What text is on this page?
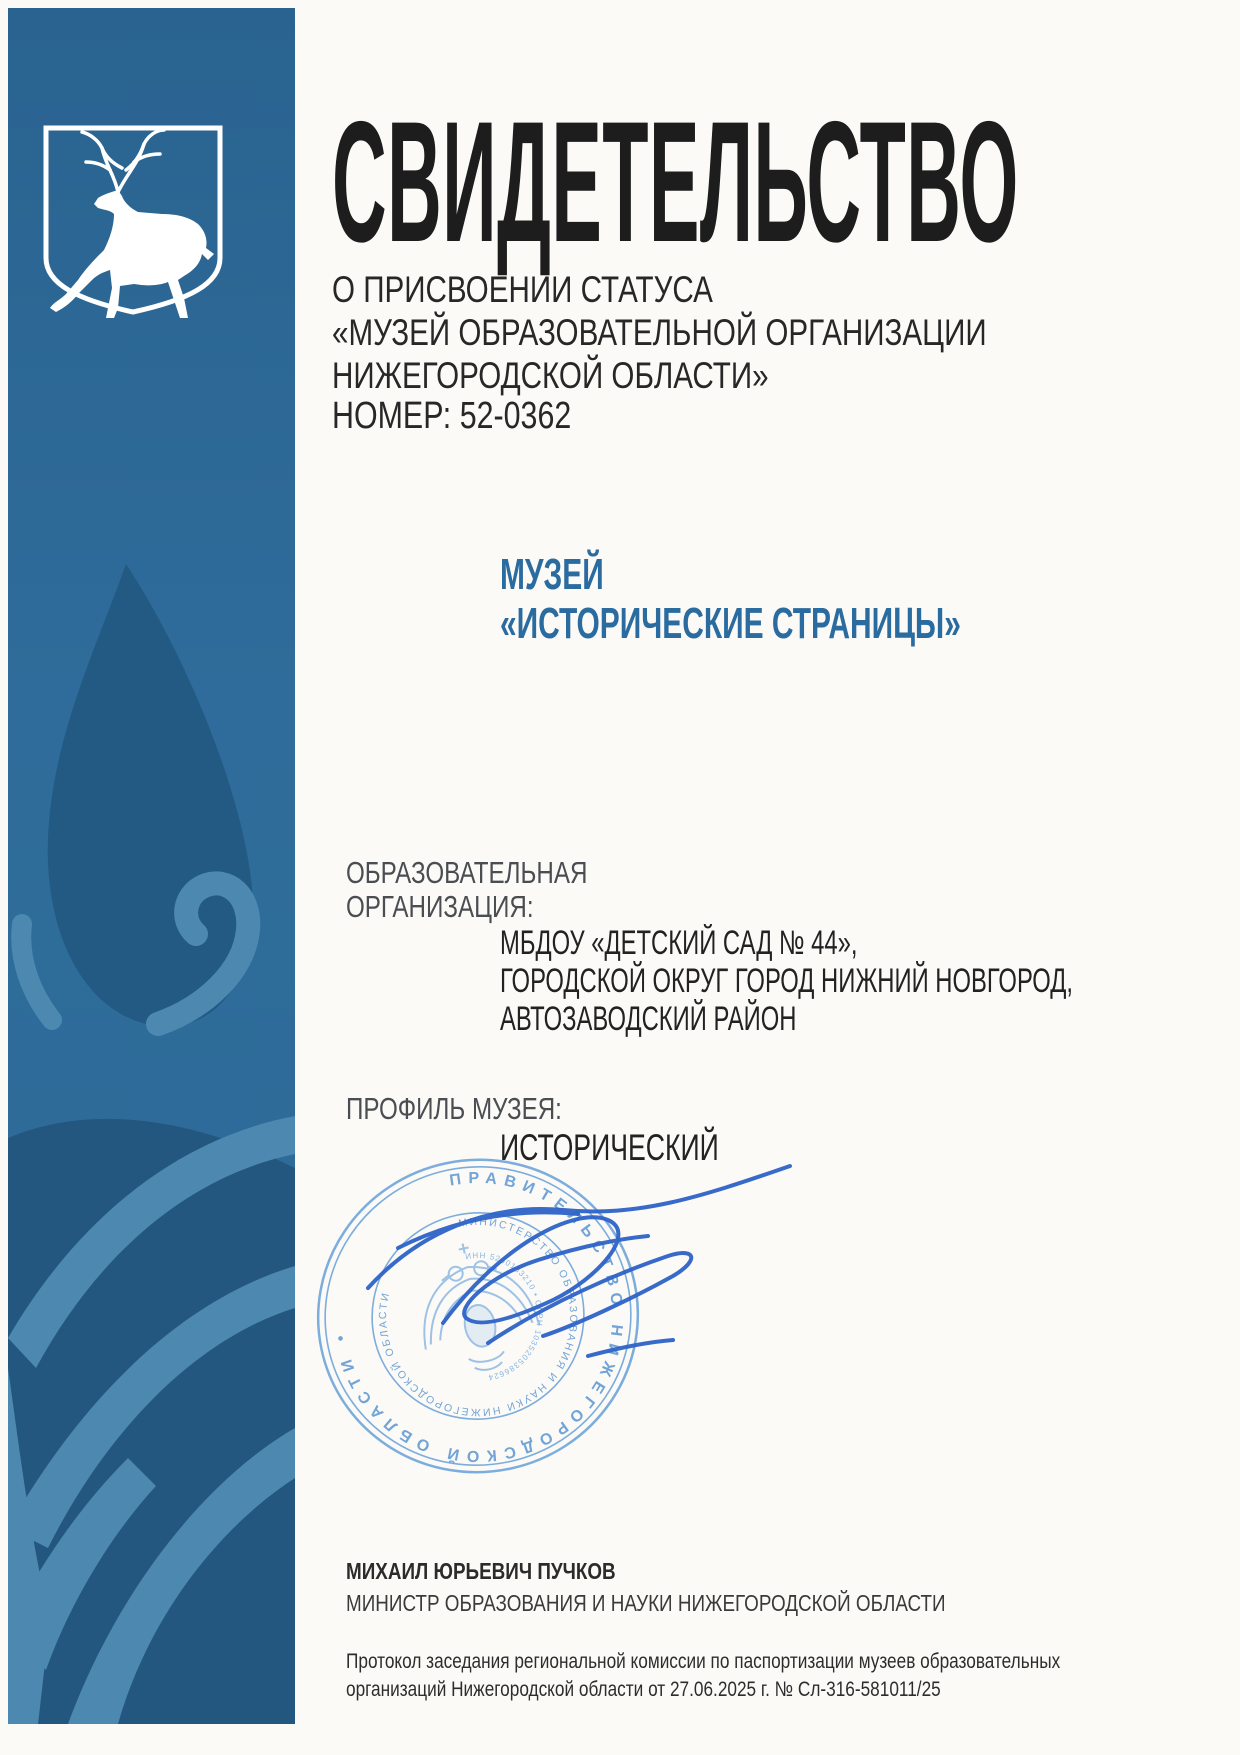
СВИДЕТЕЛЬСТВО
О ПРИСВОЕНИИ СТАТУСА
«МУЗЕЙ ОБРАЗОВАТЕЛЬНОЙ ОРГАНИЗАЦИИ
НИЖЕГОРОДСКОЙ ОБЛАСТИ»
НОМЕР: 52-0362
МУЗЕЙ
«ИСТОРИЧЕСКИЕ СТРАНИЦЫ»
ОБРАЗОВАТЕЛЬНАЯ
ОРГАНИЗАЦИЯ:
МБДОУ «ДЕТСКИЙ САД № 44»,
ГОРОДСКОЙ ОКРУГ ГОРОД НИЖНИЙ НОВГОРОД,
АВТОЗАВОДСКИЙ РАЙОН
ПРОФИЛЬ МУЗЕЯ:
ИСТОРИЧЕСКИЙ
ПРАВИТЕЛЬСТВО НИЖЕГОРОДСКОЙ ОБЛАСТИ •
МИНИСТЕРСТВО ОБРАЗОВАНИЯ И НАУКИ НИЖЕГОРОДСКОЙ ОБЛАСТИ
ИНН 5260183210 • ОГРН 1035205386624
МИХАИЛ ЮРЬЕВИЧ ПУЧКОВ
МИНИСТР ОБРАЗОВАНИЯ И НАУКИ НИЖЕГОРОДСКОЙ ОБЛАСТИ
Протокол заседания региональной комиссии по паспортизации музеев образовательных
организаций Нижегородской области от 27.06.2025 г. № Сл-316-581011/25
